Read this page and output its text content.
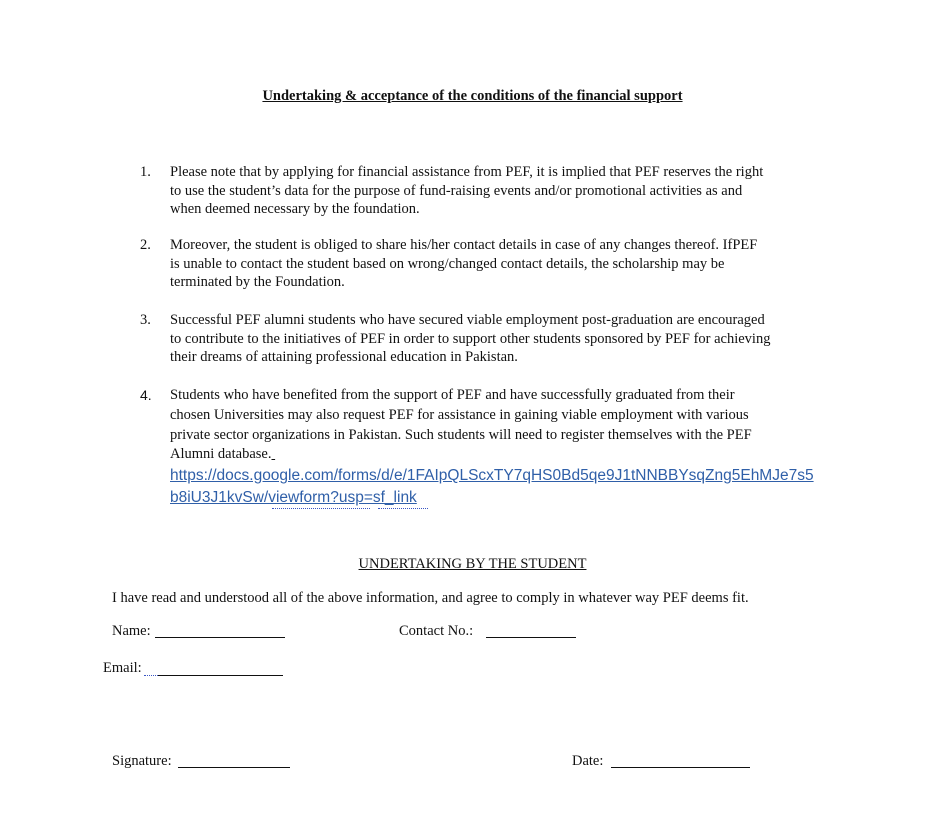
Undertaking & acceptance of the conditions of the financial support
1. Please note that by applying for financial assistance from PEF, it is implied that PEF reserves the right
to use the student’s data for the purpose of fund-raising events and/or promotional activities as and
when deemed necessary by the foundation.
2. Moreover, the student is obliged to share his/her contact details in case of any changes thereof. IfPEF
is unable to contact the student based on wrong/changed contact details, the scholarship may be
terminated by the Foundation.
3. Successful PEF alumni students who have secured viable employment post-graduation are encouraged
to contribute to the initiatives of PEF in order to support other students sponsored by PEF for achieving
their dreams of attaining professional education in Pakistan.
4. Students who have benefited from the support of PEF and have successfully graduated from their
chosen Universities may also request PEF for assistance in gaining viable employment with various
private sector organizations in Pakistan. Such students will need to register themselves with the PEF
Alumni database.
https://docs.google.com/forms/d/e/1FAIpQLScxTY7qHS0Bd5qe9J1tNNBBYsqZng5EhMJe7s5
b8iU3J1kvSw/viewform?usp=sf_link
UNDERTAKING BY THE STUDENT
I have read and understood all of the above information, and agree to comply in whatever way PEF deems fit.
Name:	Contact No.:
Email:
Signature:	Date:
